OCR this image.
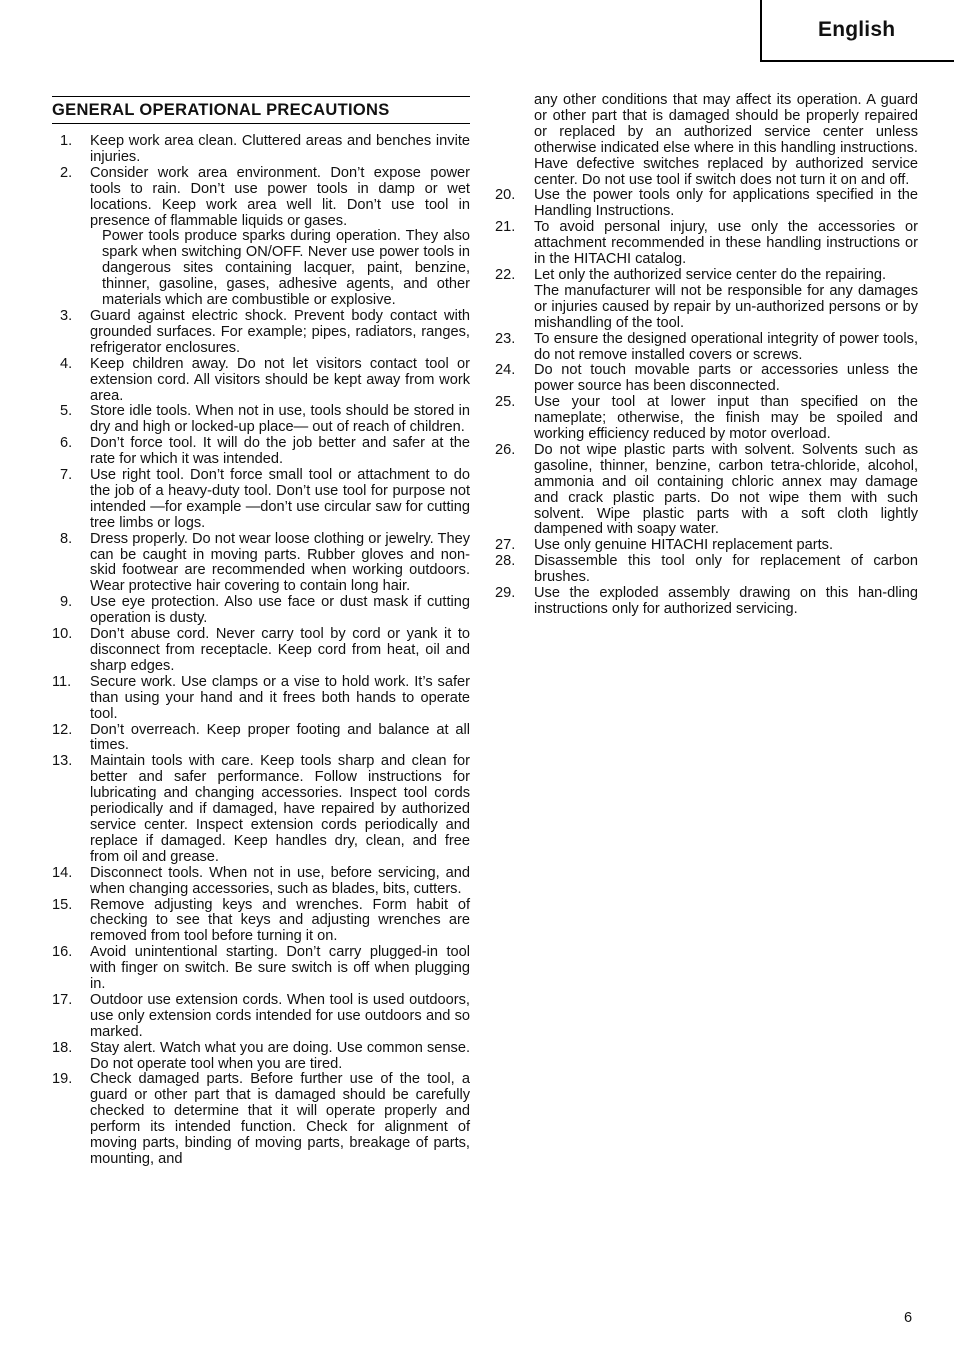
English
GENERAL OPERATIONAL PRECAUTIONS
1.	Keep work area clean. Cluttered areas and benches invite injuries.
2.	Consider work area environment. Don’t expose power tools to rain. Don’t use power tools in damp or wet locations. Keep work area well lit. Don’t use tool in presence of flammable liquids or gases.
Power tools produce sparks during operation. They also spark when switching ON/OFF. Never use power tools in dangerous sites containing lacquer, paint, benzine, thinner, gasoline, gases, adhesive agents, and other materials which are combustible or explosive.
3.	Guard against electric shock. Prevent body contact with grounded surfaces. For example; pipes, radiators, ranges, refrigerator enclosures.
4.	Keep children away. Do not let visitors contact tool or extension cord. All visitors should be kept away from work area.
5.	Store idle tools. When not in use, tools should be stored in dry and high or locked-up place— out of reach of children.
6.	Don’t force tool. It will do the job better and safer at the rate for which it was intended.
7.	Use right tool. Don’t force small tool or attachment to do the job of a heavy-duty tool. Don’t use tool for purpose not intended —for example —don’t use circular saw for cutting tree limbs or logs.
8.	Dress properly. Do not wear loose clothing or jewelry. They can be caught in moving parts. Rubber gloves and non-skid footwear are recommended when working outdoors. Wear protective hair covering to contain long hair.
9.	Use eye protection. Also use face or dust mask if cutting operation is dusty.
10.	Don’t abuse cord. Never carry tool by cord or yank it to disconnect from receptacle. Keep cord from heat, oil and sharp edges.
11.	Secure work. Use clamps or a vise to hold work. It’s safer than using your hand and it frees both hands to operate tool.
12.	Don’t overreach. Keep proper footing and balance at all times.
13.	Maintain tools with care. Keep tools sharp and clean for better and safer performance. Follow instructions for lubricating and changing accessories. Inspect tool cords periodically and if damaged, have repaired by authorized service center. Inspect extension cords periodically and replace if damaged. Keep handles dry, clean, and free from oil and grease.
14.	Disconnect tools. When not in use, before servicing, and when changing accessories, such as blades, bits, cutters.
15.	Remove adjusting keys and wrenches. Form habit of checking to see that keys and adjusting wrenches are removed from tool before turning it on.
16.	Avoid unintentional starting. Don’t carry plugged-in tool with finger on switch. Be sure switch is off when plugging in.
17.	Outdoor use extension cords. When tool is used outdoors, use only extension cords intended for use outdoors and so marked.
18.	Stay alert. Watch what you are doing. Use common sense. Do not operate tool when you are tired.
19.	Check damaged parts. Before further use of the tool, a guard or other part that is damaged should be carefully checked to determine that it will operate properly and perform its intended function. Check for alignment of moving parts, binding of moving parts, breakage of parts, mounting, and
any other conditions that may affect its operation. A guard or other part that is damaged should be properly repaired or replaced by an authorized service center unless otherwise indicated else where in this handling instructions. Have defective switches replaced by authorized service center. Do not use tool if switch does not turn it on and off.
20.	Use the power tools only for applications specified in the Handling Instructions.
21.	To avoid personal injury, use only the accessories or attachment recommended in these handling instructions or in the HITACHI catalog.
22.	Let only the authorized service center do the repairing.
The manufacturer will not be responsible for any damages or injuries caused by repair by un-authorized persons or by mishandling of the tool.
23.	To ensure the designed operational integrity of power tools, do not remove installed covers or screws.
24.	Do not touch movable parts or accessories unless the power source has been disconnected.
25.	Use your tool at lower input than specified on the nameplate; otherwise, the finish may be spoiled and working efficiency reduced by motor overload.
26.	Do not wipe plastic parts with solvent. Solvents such as gasoline, thinner, benzine, carbon tetra-chloride, alcohol, ammonia and oil containing chloric annex may damage and crack plastic parts. Do not wipe them with such solvent. Wipe plastic parts with a soft cloth lightly dampened with soapy water.
27.	Use only genuine HITACHI replacement parts.
28.	Disassemble this tool only for replacement of carbon brushes.
29.	Use the exploded assembly drawing on this han-dling instructions only for authorized servicing.
6
